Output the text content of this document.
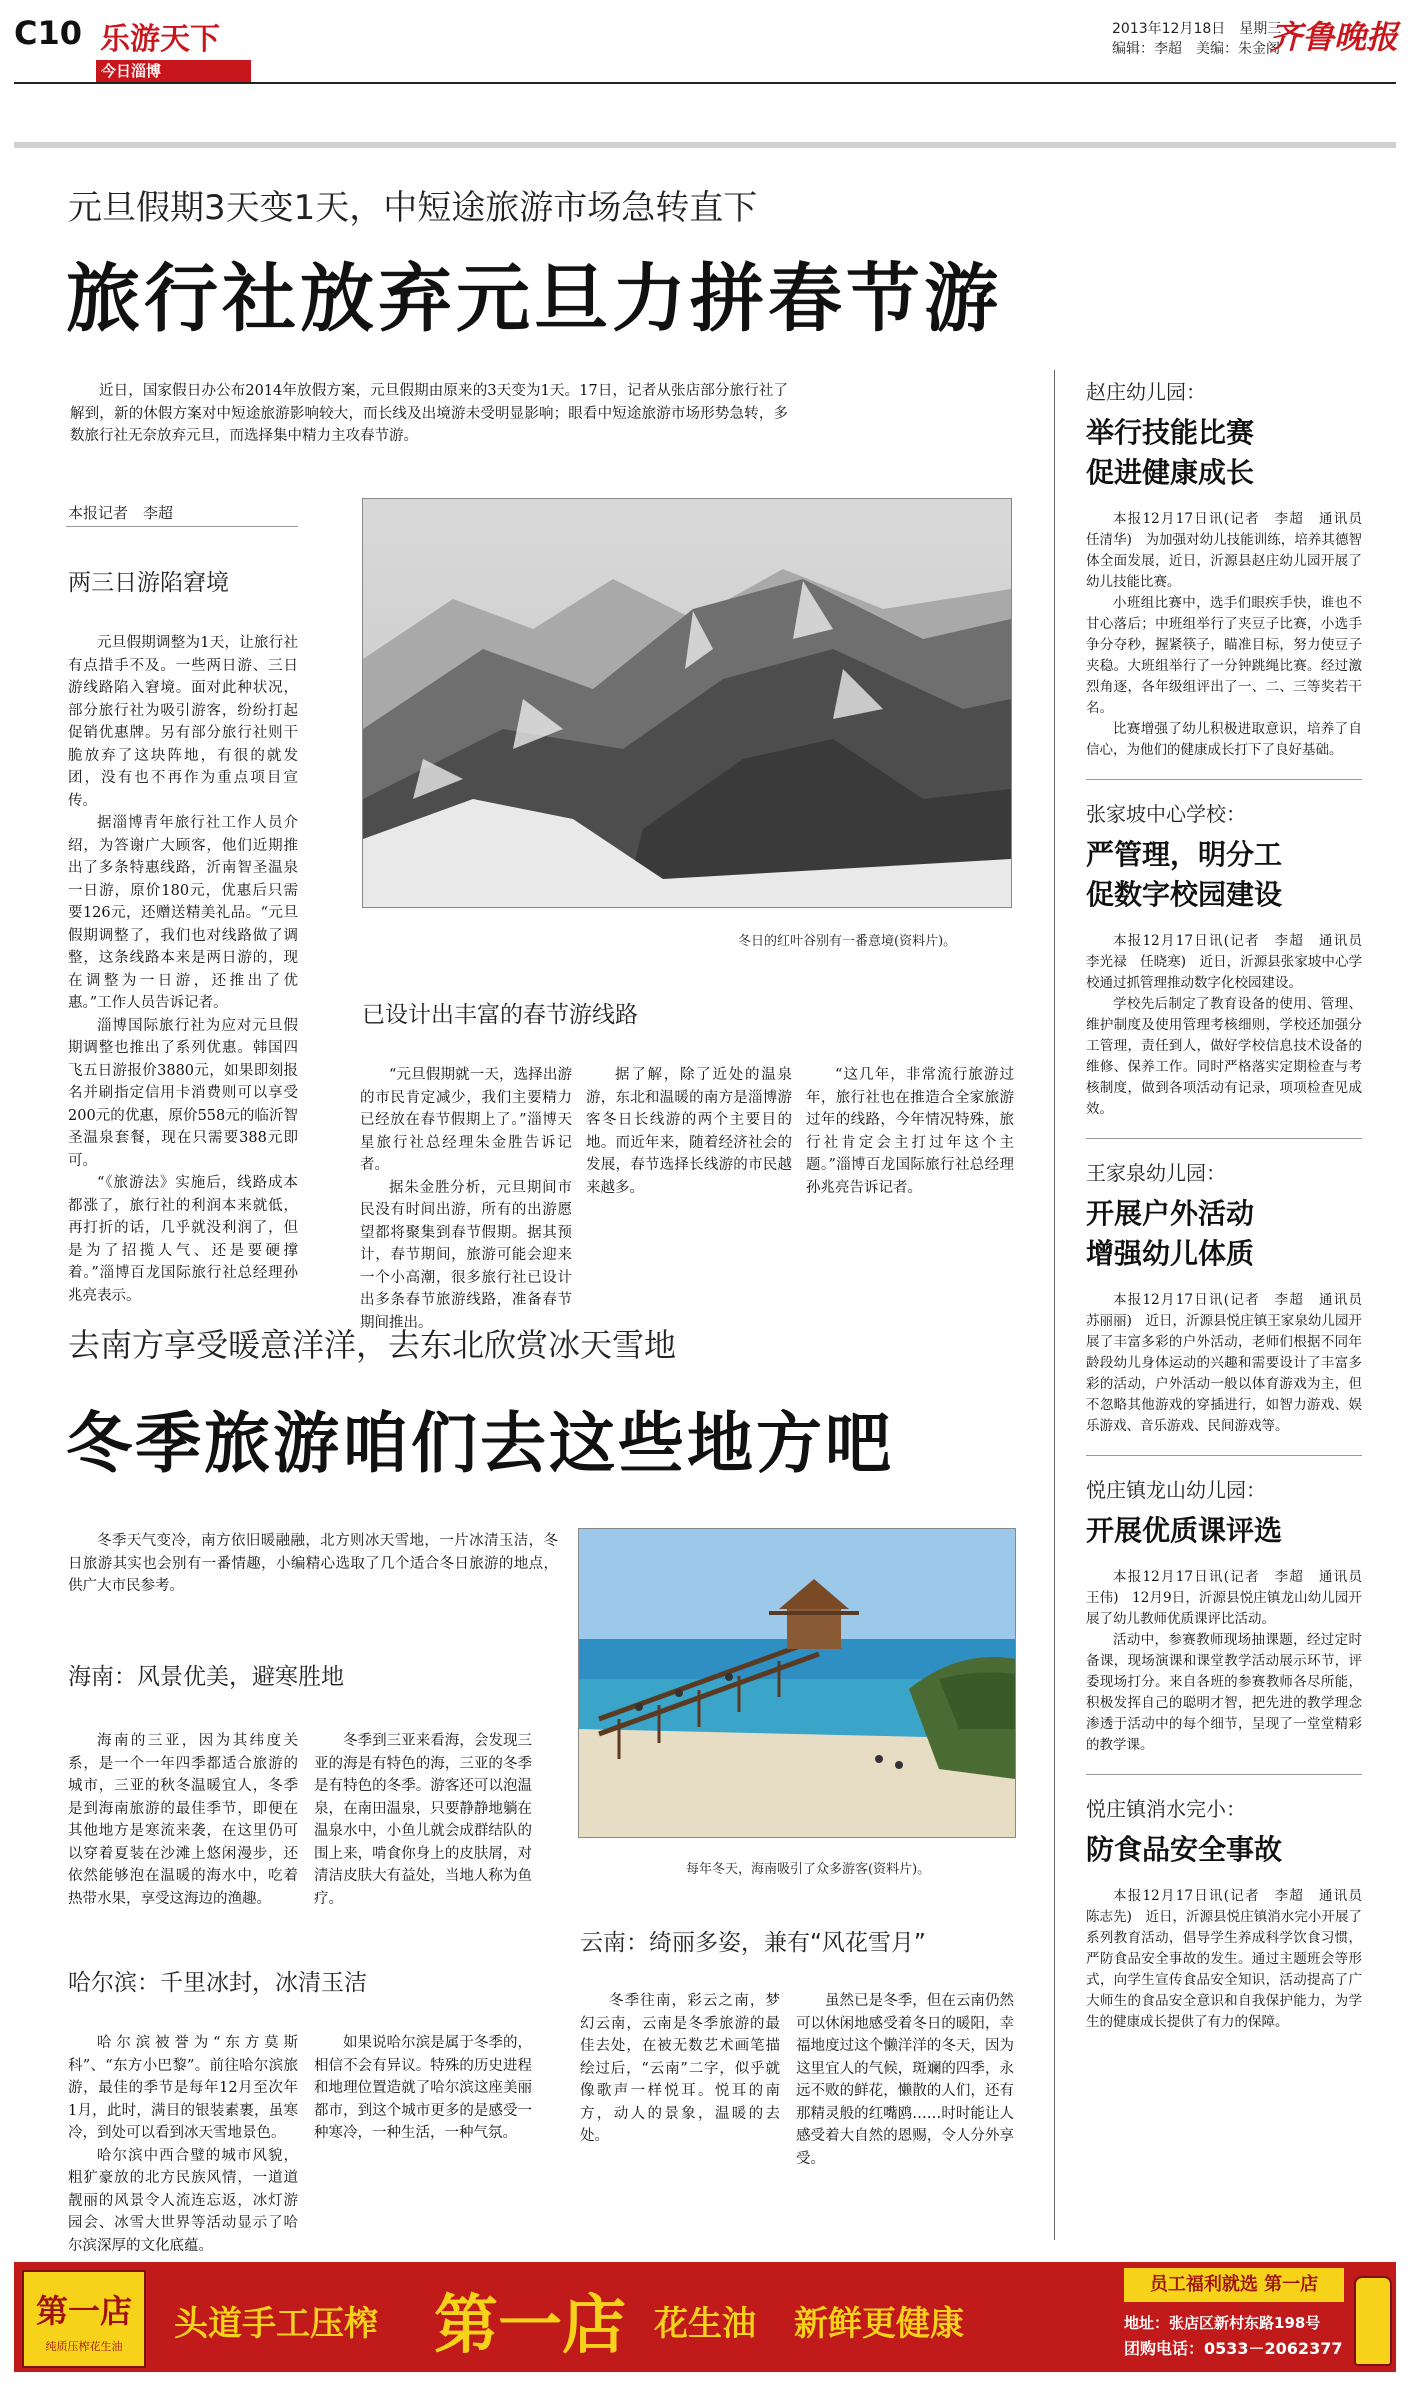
C10 乐游天下
今日淄博
2013年12月18日　星期三
编辑：李超　美编：朱金阁
齐鲁晚报
元旦假期3天变1天，中短途旅游市场急转直下
旅行社放弃元旦力拼春节游

近日，国家假日办公布2014年放假方案，元旦假期由原来的3天变为1天。17日，记者从张店部分旅行社了解到，新的休假方案对中短途旅游影响较大，而长线及出境游未受明显影响；眼看中短途旅游市场形势急转，多数旅行社无奈放弃元旦，而选择集中精力主攻春节游。

本报记者　李超
两三日游陷窘境

元旦假期调整为1天，让旅行社有点措手不及。一些两日游、三日游线路陷入窘境。面对此种状况，部分旅行社为吸引游客，纷纷打起促销优惠牌。另有部分旅行社则干脆放弃了这块阵地，有很的就发团，没有也不再作为重点项目宣传。

据淄博青年旅行社工作人员介绍，为答谢广大顾客，他们近期推出了多条特惠线路，沂南智圣温泉一日游，原价180元，优惠后只需要126元，还赠送精美礼品。“元旦假期调整了，我们也对线路做了调整，这条线路本来是两日游的，现在调整为一日游，还推出了优惠。”工作人员告诉记者。

淄博国际旅行社为应对元旦假期调整也推出了系列优惠。韩国四飞五日游报价3880元，如果即刻报名并刷指定信用卡消费则可以享受200元的优惠，原价558元的临沂智圣温泉套餐，现在只需要388元即可。

“《旅游法》实施后，线路成本都涨了，旅行社的利润本来就低，再打折的话，几乎就没利润了，但是为了招揽人气、还是要硬撑着。”淄博百龙国际旅行社总经理孙兆亮表示。

冬日的红叶谷别有一番意境(资料片)。
已设计出丰富的春节游线路

“元旦假期就一天，选择出游的市民肯定减少，我们主要精力已经放在春节假期上了。”淄博天星旅行社总经理朱金胜告诉记者。

据朱金胜分析，元旦期间市民没有时间出游，所有的出游愿望都将聚集到春节假期。据其预计，春节期间，旅游可能会迎来一个小高潮，很多旅行社已设计出多条春节旅游线路，准备春节期间推出。

据了解，除了近处的温泉游，东北和温暖的南方是淄博游客冬日长线游的两个主要目的地。而近年来，随着经济社会的发展，春节选择长线游的市民越来越多。

“这几年，非常流行旅游过年，旅行社也在推造合全家旅游过年的线路，今年情况特殊，旅行社肯定会主打过年这个主题。”淄博百龙国际旅行社总经理孙兆亮告诉记者。

去南方享受暖意洋洋，去东北欣赏冰天雪地
冬季旅游咱们去这些地方吧

冬季天气变冷，南方依旧暖融融，北方则冰天雪地，一片冰清玉洁，冬日旅游其实也会别有一番情趣，小编精心选取了几个适合冬日旅游的地点，供广大市民参考。

每年冬天，海南吸引了众多游客(资料片)。
海南：风景优美，避寒胜地

海南的三亚，因为其纬度关系，是一个一年四季都适合旅游的城市，三亚的秋冬温暖宜人，冬季是到海南旅游的最佳季节，即便在其他地方是寒流来袭，在这里仍可以穿着夏装在沙滩上悠闲漫步，还依然能够泡在温暖的海水中，吃着热带水果，享受这海边的渔趣。

冬季到三亚来看海，会发现三亚的海是有特色的海，三亚的冬季是有特色的冬季。游客还可以泡温泉，在南田温泉，只要静静地躺在温泉水中，小鱼儿就会成群结队的围上来，啃食你身上的皮肤屑，对清洁皮肤大有益处，当地人称为鱼疗。

哈尔滨：千里冰封，冰清玉洁

哈尔滨被誉为“东方莫斯科”、“东方小巴黎”。前往哈尔滨旅游，最佳的季节是每年12月至次年1月，此时，满目的银装素裹，虽寒冷，到处可以看到冰天雪地景色。

哈尔滨中西合璧的城市风貌，粗犷豪放的北方民族风情，一道道靓丽的风景令人流连忘返，冰灯游园会、冰雪大世界等活动显示了哈尔滨深厚的文化底蕴。

如果说哈尔滨是属于冬季的，相信不会有异议。特殊的历史进程和地理位置造就了哈尔滨这座美丽都市，到这个城市更多的是感受一种寒冷，一种生活，一种气氛。

云南：绮丽多姿，兼有“风花雪月”

冬季往南，彩云之南，梦幻云南，云南是冬季旅游的最佳去处，在被无数艺术画笔描绘过后，“云南”二字，似乎就像歌声一样悦耳。悦耳的南方，动人的景象，温暖的去处。

虽然已是冬季，但在云南仍然可以休闲地感受着冬日的暖阳，幸福地度过这个懒洋洋的冬天，因为这里宜人的气候，斑斓的四季，永远不败的鲜花，懒散的人们，还有那精灵般的红嘴鸥……时时能让人感受着大自然的恩赐，令人分外享受。

赵庄幼儿园：
举行技能比赛
促进健康成长

本报12月17日讯(记者　李超　通讯员　任清华)　为加强对幼儿技能训练，培养其德智体全面发展，近日，沂源县赵庄幼儿园开展了幼儿技能比赛。

小班组比赛中，选手们眼疾手快，谁也不甘心落后；中班组举行了夹豆子比赛，小选手争分夺秒，握紧筷子，瞄准目标，努力使豆子夹稳。大班组举行了一分钟跳绳比赛。经过激烈角逐，各年级组评出了一、二、三等奖若干名。

比赛增强了幼儿积极进取意识，培养了自信心，为他们的健康成长打下了良好基础。

张家坡中心学校：
严管理，明分工
促数字校园建设

本报12月17日讯(记者　李超　通讯员　李光禄　任晓寒)　近日，沂源县张家坡中心学校通过抓管理推动数字化校园建设。

学校先后制定了教育设备的使用、管理、维护制度及使用管理考核细则，学校还加强分工管理，责任到人，做好学校信息技术设备的维修、保养工作。同时严格落实定期检查与考核制度，做到各项活动有记录，项项检查见成效。

王家泉幼儿园：
开展户外活动
增强幼儿体质

本报12月17日讯(记者　李超　通讯员　苏丽丽)　近日，沂源县悦庄镇王家泉幼儿园开展了丰富多彩的户外活动，老师们根据不同年龄段幼儿身体运动的兴趣和需要设计了丰富多彩的活动，户外活动一般以体育游戏为主，但不忽略其他游戏的穿插进行，如智力游戏、娱乐游戏、音乐游戏、民间游戏等。

悦庄镇龙山幼儿园：
开展优质课评选

本报12月17日讯(记者　李超　通讯员　王伟)　12月9日，沂源县悦庄镇龙山幼儿园开展了幼儿教师优质课评比活动。

活动中，参赛教师现场抽课题，经过定时备课，现场演课和课堂教学活动展示环节，评委现场打分。来自各班的参赛教师各尽所能，积极发挥自己的聪明才智，把先进的教学理念渗透于活动中的每个细节，呈现了一堂堂精彩的教学课。

悦庄镇消水完小：
防食品安全事故

本报12月17日讯(记者　李超　通讯员　陈志先)　近日，沂源县悦庄镇消水完小开展了系列教育活动，倡导学生养成科学饮食习惯，严防食品安全事故的发生。通过主题班会等形式，向学生宣传食品安全知识，活动提高了广大师生的食品安全意识和自我保护能力，为学生的健康成长提供了有力的保障。

第一店
纯质压榨花生油
头道手工压榨 第一店 花生油 新鲜更健康
员工福利就选 第一店
地址：张店区新村东路198号
团购电话：0533－2062377
